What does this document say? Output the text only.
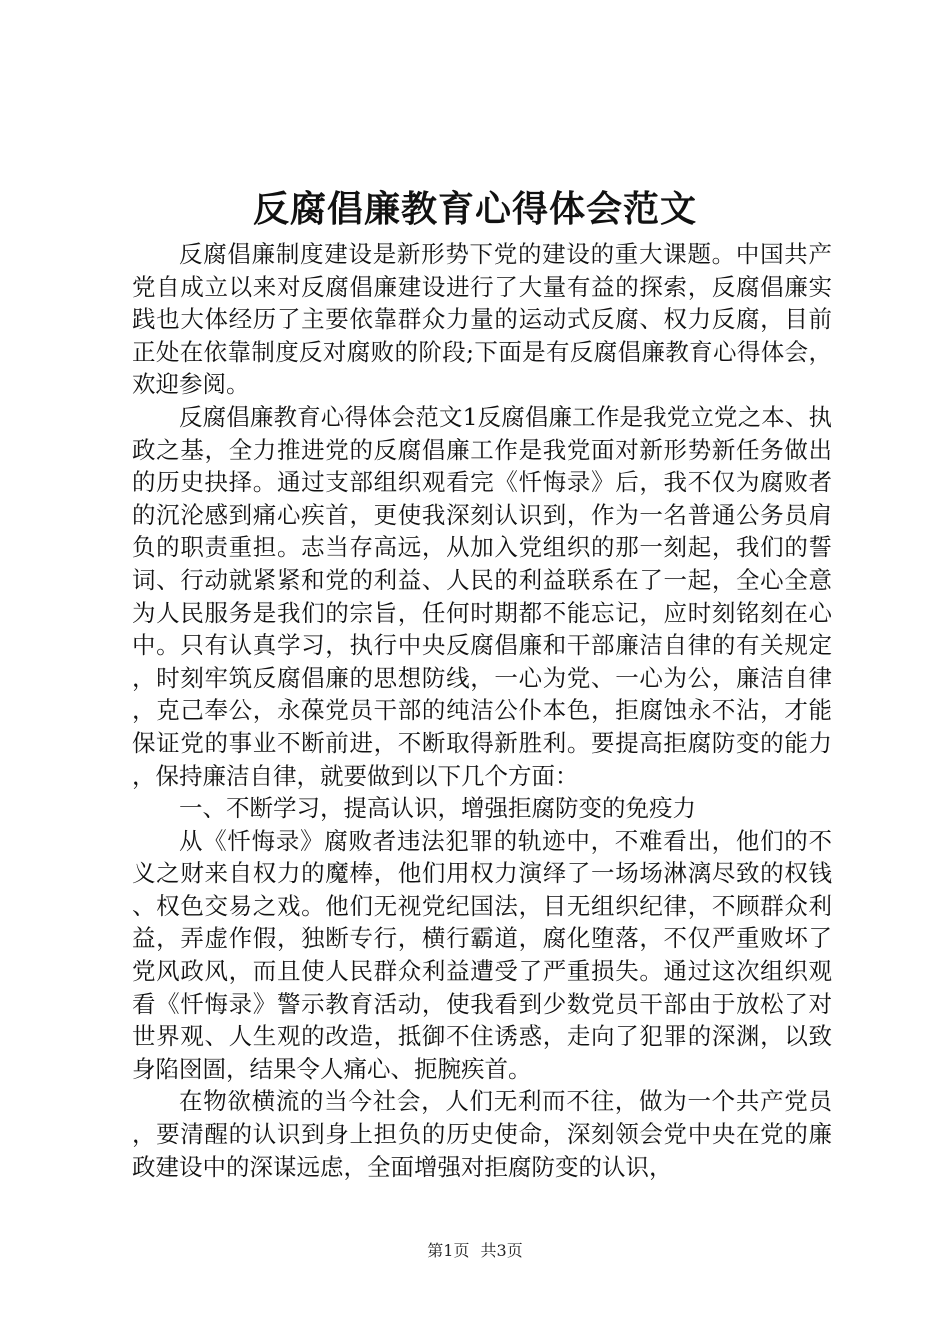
反腐倡廉教育心得体会范文

反腐倡廉制度建设是新形势下党的建设的重大课题。中国共产党自成立以来对反腐倡廉建设进行了大量有益的探索，反腐倡廉实践也大体经历了主要依靠群众力量的运动式反腐、权力反腐，目前正处在依靠制度反对腐败的阶段;下面是有反腐倡廉教育心得体会，欢迎参阅。

反腐倡廉教育心得体会范文1反腐倡廉工作是我党立党之本、执政之基，全力推进党的反腐倡廉工作是我党面对新形势新任务做出的历史抉择。通过支部组织观看完《忏悔录》后，我不仅为腐败者的沉沦感到痛心疾首，更使我深刻认识到，作为一名普通公务员肩负的职责重担。志当存高远，从加入党组织的那一刻起，我们的誓词、行动就紧紧和党的利益、人民的利益联系在了一起，全心全意为人民服务是我们的宗旨，任何时期都不能忘记，应时刻铭刻在心中。只有认真学习，执行中央反腐倡廉和干部廉洁自律的有关规定，时刻牢筑反腐倡廉的思想防线，一心为党、一心为公，廉洁自律，克己奉公，永葆党员干部的纯洁公仆本色，拒腐蚀永不沾，才能保证党的事业不断前进，不断取得新胜利。要提高拒腐防变的能力，保持廉洁自律，就要做到以下几个方面：

一、不断学习，提高认识，增强拒腐防变的免疫力

从《忏悔录》腐败者违法犯罪的轨迹中，不难看出，他们的不义之财来自权力的魔棒，他们用权力演绎了一场场淋漓尽致的权钱、权色交易之戏。他们无视党纪国法，目无组织纪律，不顾群众利益，弄虚作假，独断专行，横行霸道，腐化堕落，不仅严重败坏了党风政风，而且使人民群众利益遭受了严重损失。通过这次组织观看《忏悔录》警示教育活动，使我看到少数党员干部由于放松了对世界观、人生观的改造，抵御不住诱惑，走向了犯罪的深渊，以致身陷囹圄，结果令人痛心、扼腕疾首。

在物欲横流的当今社会，人们无利而不往，做为一个共产党员，要清醒的认识到身上担负的历史使命，深刻领会党中央在党的廉政建设中的深谋远虑，全面增强对拒腐防变的认识，

第1页 共3页
